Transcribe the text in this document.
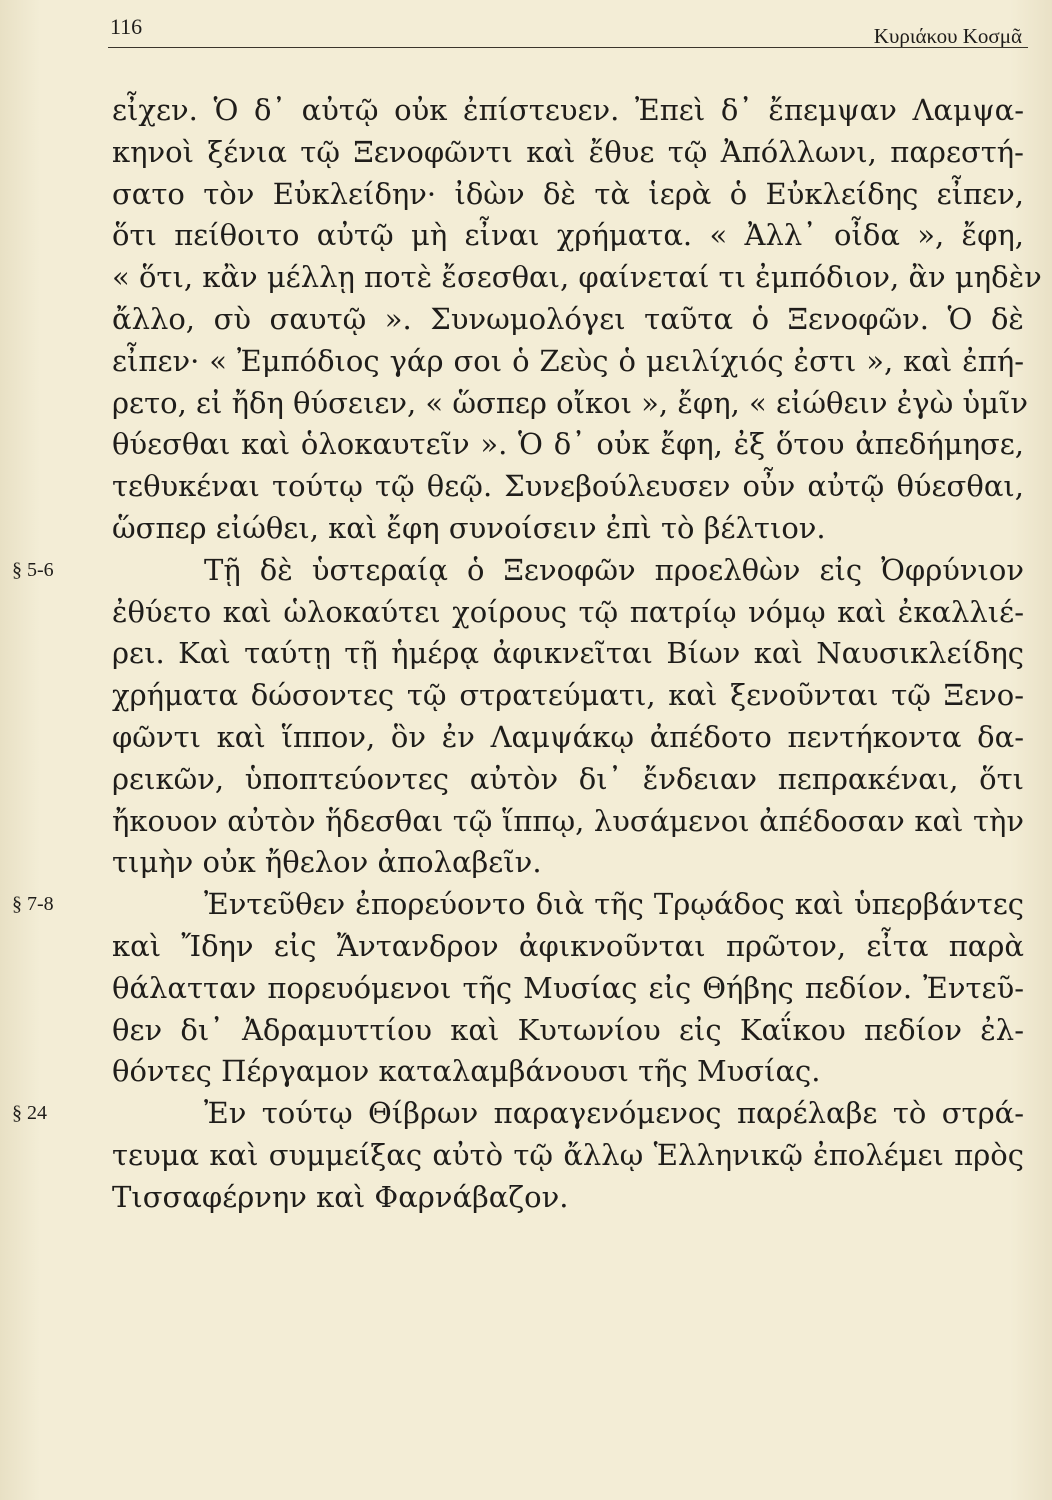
116	Κυριάκου Κοσμᾶ
εἶχεν. Ὁ δ᾽ αὐτῷ οὐκ ἐπίστευεν. Ἐπεὶ δ᾽ ἔπεμψαν Λαμψα-
κηνοὶ ξένια τῷ Ξενοφῶντι καὶ ἔθυε τῷ Ἀπόλλωνι, παρεστή-
σατο τὸν Εὐκλείδην· ἰδὼν δὲ τὰ ἱερὰ ὁ Εὐκλείδης εἶπεν,
ὅτι πείθοιτο αὐτῷ μὴ εἶναι χρήματα. « Ἀλλ᾽ οἶδα », ἔφη,
« ὅτι, κἂν μέλλῃ ποτὲ ἔσεσθαι, φαίνεταί τι ἐμπόδιον, ἂν μηδὲν
ἄλλο, σὺ σαυτῷ ». Συνωμολόγει ταῦτα ὁ Ξενοφῶν. Ὁ δὲ
εἶπεν· « Ἐμπόδιος γάρ σοι ὁ Ζεὺς ὁ μειλίχιός ἐστι », καὶ ἐπή-
ρετο, εἰ ἤδη θύσειεν, « ὥσπερ οἴκοι », ἔφη, « εἰώθειν ἐγὼ ὑμῖν
θύεσθαι καὶ ὁλοκαυτεῖν ». Ὁ δ᾽ οὐκ ἔφη, ἐξ ὅτου ἀπεδήμησε,
τεθυκέναι τούτῳ τῷ θεῷ. Συνεβούλευσεν οὖν αὐτῷ θύεσθαι,
ὥσπερ εἰώθει, καὶ ἔφη συνοίσειν ἐπὶ τὸ βέλτιον.
§ 5-6	Τῇ δὲ ὑστεραίᾳ ὁ Ξενοφῶν προελθὼν εἰς Ὀφρύνιον
ἐθύετο καὶ ὡλοκαύτει χοίρους τῷ πατρίῳ νόμῳ καὶ ἐκαλλιέ-
ρει. Καὶ ταύτῃ τῇ ἡμέρᾳ ἀφικνεῖται Βίων καὶ Ναυσικλείδης
χρήματα δώσοντες τῷ στρατεύματι, καὶ ξενοῦνται τῷ Ξενο-
φῶντι καὶ ἵππον, ὃν ἐν Λαμψάκῳ ἀπέδοτο πεντήκοντα δα-
ρεικῶν, ὑποπτεύοντες αὐτὸν δι᾽ ἔνδειαν πεπρακέναι, ὅτι
ἤκουον αὐτὸν ἥδεσθαι τῷ ἵππῳ, λυσάμενοι ἀπέδοσαν καὶ τὴν
τιμὴν οὐκ ἤθελον ἀπολαβεῖν.
§ 7-8	Ἐντεῦθεν ἐπορεύοντο διὰ τῆς Τρῳάδος καὶ ὑπερβάντες
καὶ Ἴδην εἰς Ἄντανδρον ἀφικνοῦνται πρῶτον, εἶτα παρὰ
θάλατταν πορευόμενοι τῆς Μυσίας εἰς Θήβης πεδίον. Ἐντεῦ-
θεν δι᾽ Ἀδραμυττίου καὶ Κυτωνίου εἰς Καΐκου πεδίον ἐλ-
θόντες Πέργαμον καταλαμβάνουσι τῆς Μυσίας.
§ 24	Ἐν τούτῳ Θίβρων παραγενόμενος παρέλαβε τὸ στρά-
τευμα καὶ συμμείξας αὐτὸ τῷ ἄλλῳ Ἑλληνικῷ ἐπολέμει πρὸς
Τισσαφέρνην καὶ Φαρνάβαζον.
